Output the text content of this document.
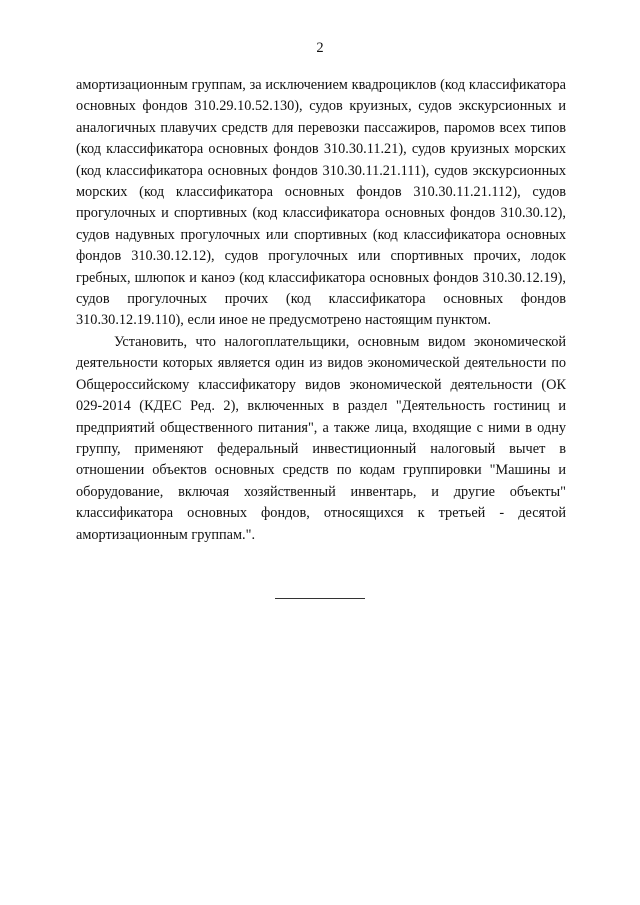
2

амортизационным группам, за исключением квадроциклов (код классификатора основных фондов 310.29.10.52.130), судов круизных, судов экскурсионных и аналогичных плавучих средств для перевозки пассажиров, паромов всех типов (код классификатора основных фондов 310.30.11.21), судов круизных морских (код классификатора основных фондов 310.30.11.21.111), судов экскурсионных морских (код классификатора основных фондов 310.30.11.21.112), судов прогулочных и спортивных (код классификатора основных фондов 310.30.12), судов надувных прогулочных или спортивных (код классификатора основных фондов 310.30.12.12), судов прогулочных или спортивных прочих, лодок гребных, шлюпок и каноэ (код классификатора основных фондов 310.30.12.19), судов прогулочных прочих (код классификатора основных фондов 310.30.12.19.110), если иное не предусмотрено настоящим пунктом.

Установить, что налогоплательщики, основным видом экономической деятельности которых является один из видов экономической деятельности по Общероссийскому классификатору видов экономической деятельности (ОК 029-2014 (КДЕС Ред. 2), включенных в раздел "Деятельность гостиниц и предприятий общественного питания", а также лица, входящие с ними в одну группу, применяют федеральный инвестиционный налоговый вычет в отношении объектов основных средств по кодам группировки "Машины и оборудование, включая хозяйственный инвентарь, и другие объекты" классификатора основных фондов, относящихся к третьей - десятой амортизационным группам.".
